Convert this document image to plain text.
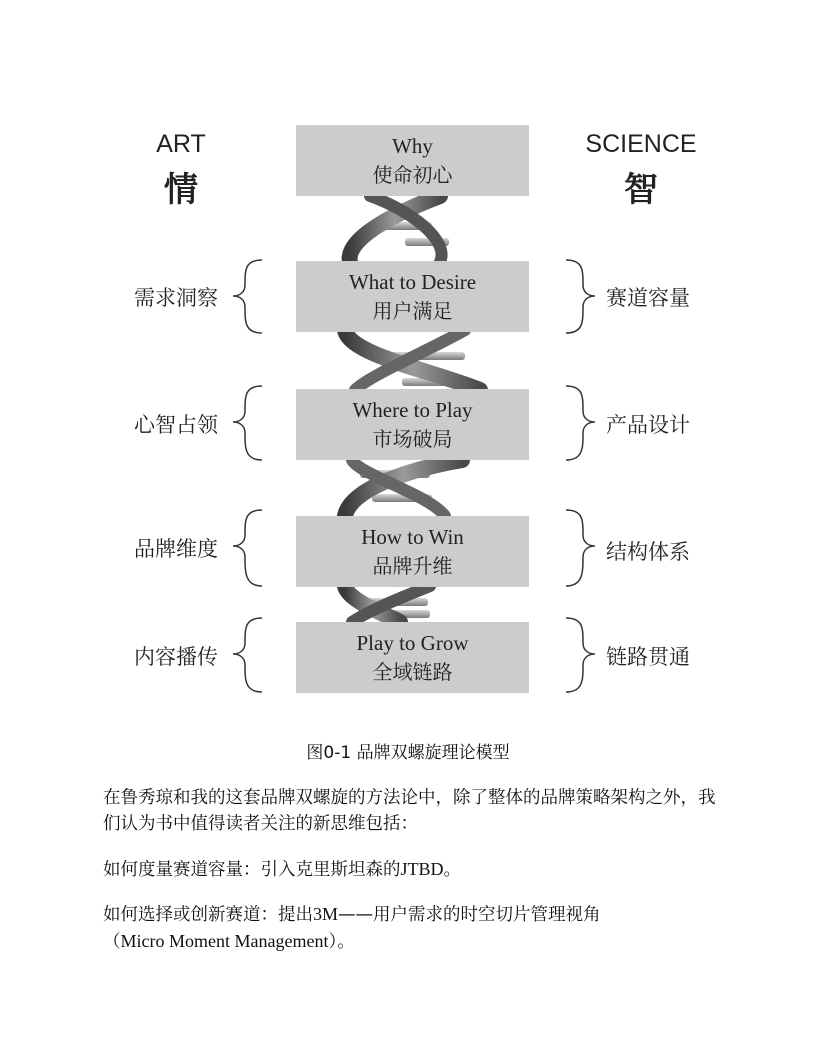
ART
情
SCIENCE
智
Why
使命初心
What to Desire
用户满足
Where to Play
市场破局
How to Win
品牌升维
Play to Grow
全域链路
需求洞察
心智占领
品牌维度
内容播传
赛道容量
产品设计
结构体系
链路贯通
图0-1 品牌双螺旋理论模型

在鲁秀琼和我的这套品牌双螺旋的方法论中，除了整体的品牌策略架构之外，我们认为书中值得读者关注的新思维包括：

如何度量赛道容量：引入克里斯坦森的JTBD。

如何选择或创新赛道：提出3M——用户需求的时空切片管理视角
（Micro Moment Management）。
